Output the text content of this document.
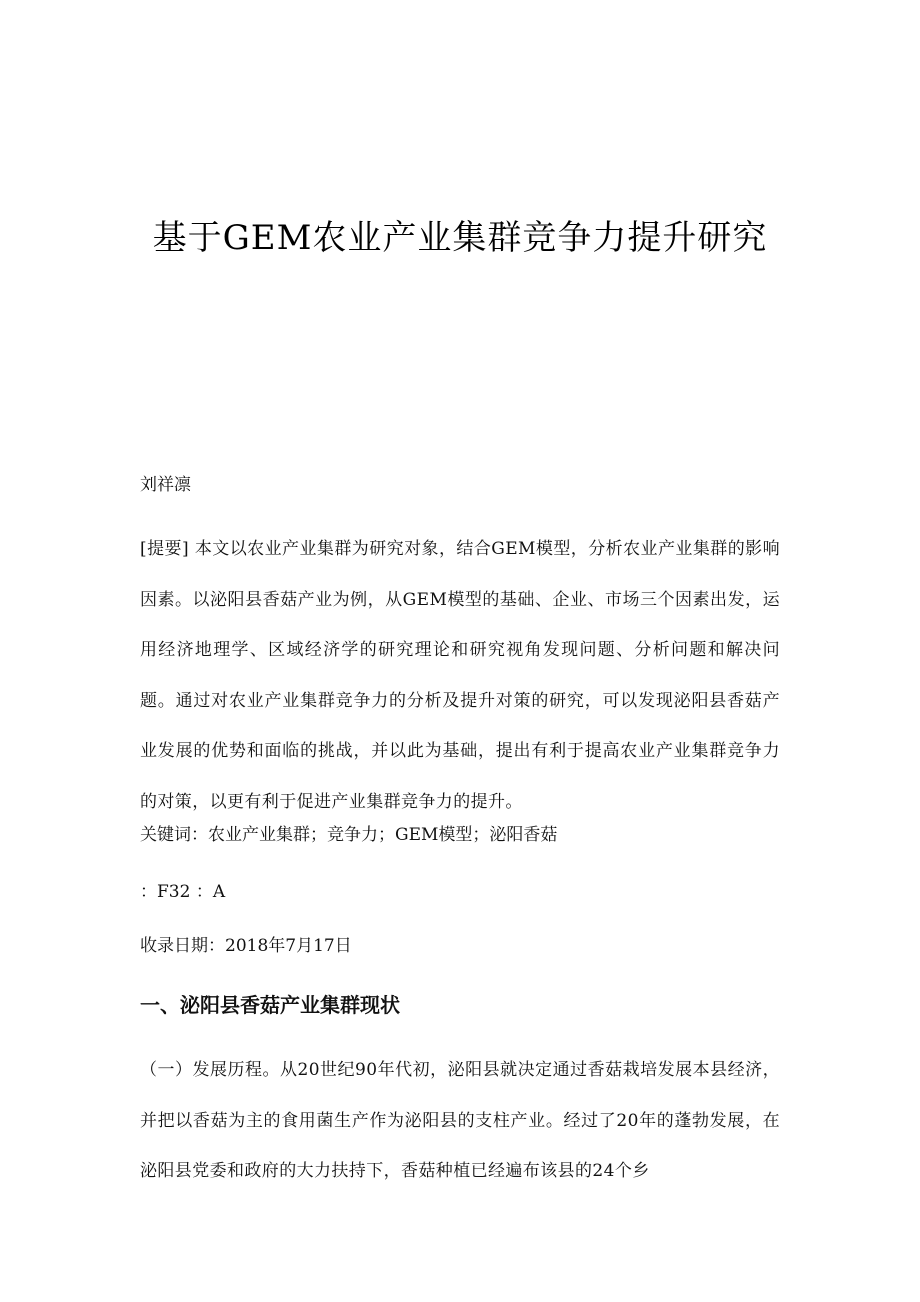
基于GEM农业产业集群竞争力提升研究

刘祥凛

[提要] 本文以农业产业集群为研究对象，结合GEM模型，分析农业产业集群的影响因素。以泌阳县香菇产业为例，从GEM模型的基础、企业、市场三个因素出发，运用经济地理学、区域经济学的研究理论和研究视角发现问题、分析问题和解决问题。通过对农业产业集群竞争力的分析及提升对策的研究，可以发现泌阳县香菇产业发展的优势和面临的挑战，并以此为基础，提出有利于提高农业产业集群竞争力的对策，以更有利于促进产业集群竞争力的提升。

关键词：农业产业集群；竞争力；GEM模型；泌阳香菇

：F32 ：A

收录日期：2018年7月17日

一、泌阳县香菇产业集群现状

（一）发展历程。从20世纪90年代初，泌阳县就决定通过香菇栽培发展本县经济，并把以香菇为主的食用菌生产作为泌阳县的支柱产业。经过了20年的蓬勃发展，在泌阳县党委和政府的大力扶持下，香菇种植已经遍布该县的24个乡
